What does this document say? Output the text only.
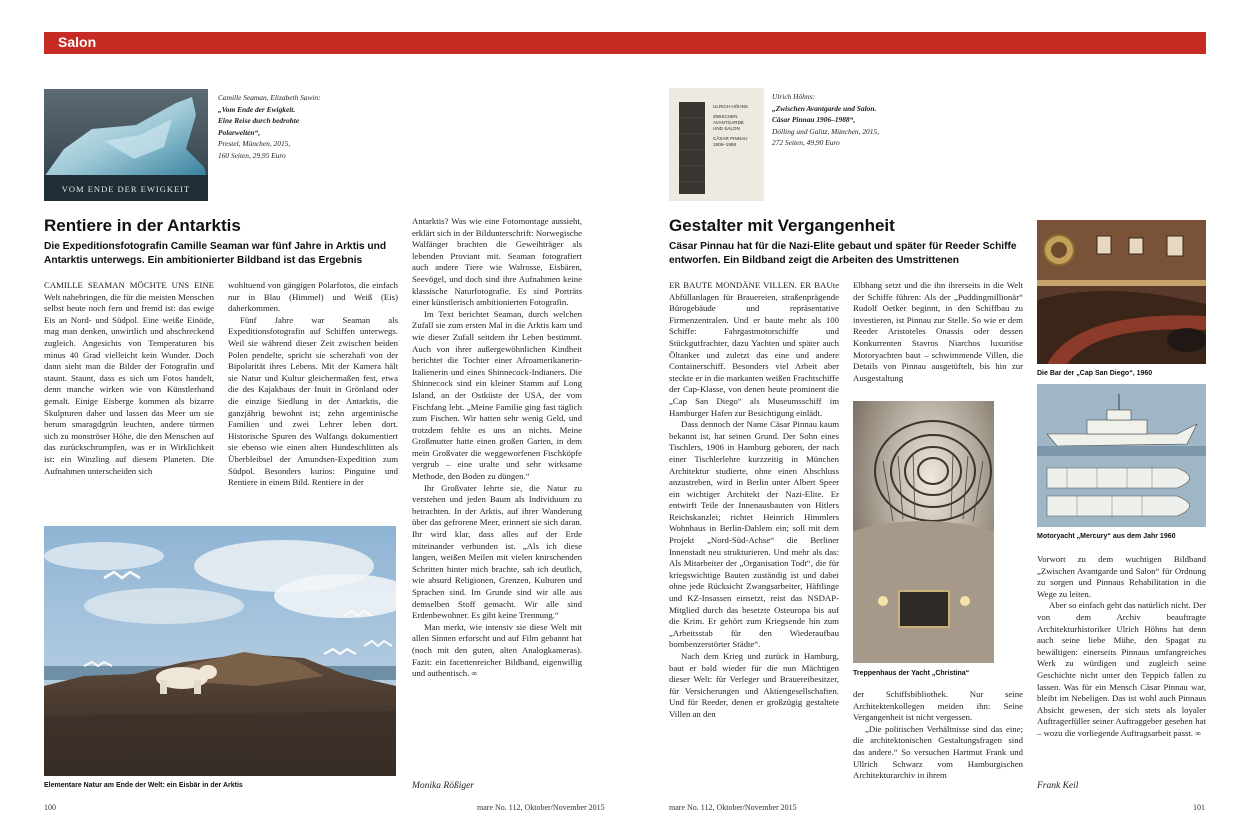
Salon
VOM ENDE DER EWIGKEIT
Camille Seaman, Elizabeth Sawin:
„Vom Ende der Ewigkeit.
Eine Reise durch bedrohte
Polarwelten“,
Prestel, München, 2015,
160 Seiten, 29,95 Euro
Rentiere in der Antarktis
Die Expeditionsfotografin Camille Seaman war fünf Jahre in Arktis und Antarktis unterwegs. Ein ambitionierter Bildband ist das Ergebnis

CAMILLE SEAMAN MÖCHTE UNS EINE Welt nahebringen, die für die meisten Menschen selbst heute noch fern und fremd ist: das ewige Eis an Nord- und Südpol. Eine weiße Einöde, mag man denken, unwirtlich und abschreckend zugleich. Angesichts von Temperaturen bis minus 40 Grad vielleicht kein Wunder. Doch dann sieht man die Bilder der Fotografin und staunt. Staunt, dass es sich um Fotos handelt, denn manche wirken wie von Künstlerhand gemalt. Einige Eisberge kommen als bizarre Skulpturen daher und lassen das Meer um sie herum smaragdgrün leuchten, andere türmen sich zu monströser Höhe, die den Menschen auf das zurückschrumpfen, was er in Wirklichkeit ist: ein Winzling auf diesem Planeten. Die Aufnahmen unterscheiden sich

wohltuend von gängigen Polarfotos, die einfach nur in Blau (Himmel) und Weiß (Eis) daherkommen.

Fünf Jahre war Seaman als Expeditionsfotografin auf Schiffen unterwegs. Weil sie während dieser Zeit zwischen beiden Polen pendelte, spricht sie scherzhaft von der Bipolarität ihres Lebens. Mit der Kamera hält sie Natur und Kultur gleichermaßen fest, etwa die des Kajakbaus der Inuit in Grönland oder die einzige Siedlung in der Antarktis, die ganzjährig bewohnt ist; zehn argentinische Familien und zwei Lehrer leben dort. Historische Spuren des Walfangs dokumentiert sie ebenso wie einen alten Hundeschlitten als Überbleibsel der Amundsen-Expedition zum Südpol. Besonders kurios: Pinguine und Rentiere in einem Bild. Rentiere in der

Antarktis? Was wie eine Fotomontage aussieht, erklärt sich in der Bildunterschrift: Norwegische Walfänger brachten die Geweihträger als lebenden Proviant mit. Seaman fotografiert auch andere Tiere wie Walrosse, Eisbären, Seevögel, und doch sind ihre Aufnahmen keine klassische Naturfotografie. Es sind Porträts einer künstlerisch ambitionierten Fotografin.

Im Text berichtet Seaman, durch welchen Zufall sie zum ersten Mal in die Arktis kam und wie dieser Zufall seitdem ihr Leben bestimmt. Auch von ihrer außergewöhnlichen Kindheit berichtet die Tochter einer Afroamerikanerin-Italienerin und eines Shinnecock-Indianers. Die Shinnecock sind ein kleiner Stamm auf Long Island, an der Ostküste der USA, der vom Fischfang lebt. „Meine Familie ging fast täglich zum Fischen. Wir hatten sehr wenig Geld, und trotzdem fehlte es uns an nichts. Meine Großmutter hatte einen großen Garten, in dem mein Großvater die weggeworfenen Fischköpfe vergrub – eine uralte und sehr wirksame Methode, den Boden zu düngen.“

Ihr Großvater lehrte sie, die Natur zu verstehen und jeden Baum als Individuum zu betrachten. In der Arktis, auf ihrer Wanderung über das gefrorene Meer, erinnert sie sich daran. Ihr wird klar, dass alles auf der Erde miteinander verbunden ist. „Als ich diese langen, weißen Meilen mit vielen knirschenden Schritten hinter mich brachte, sah ich deutlich, wie absurd Religionen, Grenzen, Kulturen und Sprachen sind. Im Grunde sind wir alle aus demselben Stoff gemacht. Wir alle sind Erdenbewohner. Es gibt keine Trennung.“

Man merkt, wie intensiv sie diese Welt mit allen Sinnen erforscht und auf Film gebannt hat (noch mit den guten, alten Analogkameras). Fazit: ein facettenreicher Bildband, eigenwillig und authentisch. ∞

Elementare Natur am Ende der Welt: ein Eisbär in der Arktis	Monika Rößiger
100	mare No. 112, Oktober/November 2015
ULRICH HÖHNS
ZWISCHEN
AVANTGARDE
UND SALON
CÄSAR PINNAU
1906–1988
Ulrich Höhns:
„Zwischen Avantgarde und Salon.
Cäsar Pinnau 1906–1988“,
Dölling und Galitz, München, 2015,
272 Seiten, 49,90 Euro
Gestalter mit Vergangenheit
Cäsar Pinnau hat für die Nazi-Elite gebaut und später für Reeder Schiffe entworfen. Ein Bildband zeigt die Arbeiten des Umstrittenen

ER BAUTE MONDÄNE VILLEN. ER BAUte Abfüllanlagen für Brauereien, straßenprägende Bürogebäude und repräsentative Firmenzentralen. Und er baute mehr als 100 Schiffe: Fahrgastmotorschiffe und Stückgutfrachter, dazu Yachten und später auch Öltanker und zuletzt das eine und andere Containerschiff. Besonders viel Arbeit aber steckte er in die markanten weißen Frachtschiffe der Cap-Klasse, von denen heute prominent die „Cap San Diego“ als Museumsschiff im Hamburger Hafen zur Besichtigung einlädt.

Dass dennoch der Name Cäsar Pinnau kaum bekannt ist, hat seinen Grund. Der Sohn eines Tischlers, 1906 in Hamburg geboren, der nach einer Tischlerlehre kurzzeitig in München Architektur studierte, ohne einen Abschluss anzustreben, wird in Berlin unter Albert Speer ein wichtiger Architekt der Nazi-Elite. Er entwirft Teile der Innenausbauten von Hitlers Reichskanzlei; richtet Heinrich Himmlers Wohnhaus in Berlin-Dahlem ein; soll mit dem Projekt „Nord-Süd-Achse“ die Berliner Innenstadt neu strukturieren. Und mehr als das: Als Mitarbeiter der „Organisation Todt“, die für kriegswichtige Bauten zuständig ist und dabei ohne jede Rücksicht Zwangsarbeiter, Häftlinge und KZ-Insassen einsetzt, reist das NSDAP-Mitglied durch das besetzte Osteuropa bis auf die Krim. Er gehört zum Kriegsende hin zum „Arbeitsstab für den Wiederaufbau bombenzerstörter Städte“.

Nach dem Krieg und zurück in Hamburg, baut er bald wieder für die nun Mächtigen dieser Welt: für Verleger und Brauereibesitzer, für Versicherungen und Aktiengesellschaften. Und für Reeder, denen er großzügig gestaltete Villen an den

Elbhang setzt und die ihn ihrerseits in die Welt der Schiffe führen: Als der „Puddingmillionär“ Rudolf Oetker beginnt, in den Schiffbau zu investieren, ist Pinnau zur Stelle. So wie er dem Reeder Aristoteles Onassis oder dessen Konkurrenten Stavros Niarchos luxuriöse Motoryachten baut – schwimmende Villen, die Details von Pinnau ausgetüftelt, bis hin zur Ausgestaltung

Treppenhaus der Yacht „Christina“

der Schiffsbibliothek. Nur seine Architektenkollegen meiden ihn: Seine Vergangenheit ist nicht vergessen.

„Die politischen Verhältnisse sind das eine; die architektonischen Gestaltungsfragen sind das andere.“ So versuchen Hartmut Frank und Ullrich Schwarz vom Hamburgischen Architekturarchiv in ihrem

Die Bar der „Cap San Diego“, 1960
Motoryacht „Mercury“ aus dem Jahr 1960

Vorwort zu dem wuchtigen Bildband „Zwischen Avantgarde und Salon“ für Ordnung zu sorgen und Pinnaus Rehabilitation in die Wege zu leiten.

Aber so einfach geht das natürlich nicht. Der von dem Archiv beauftragte Architekturhistoriker Ulrich Höhns hat denn auch seine liebe Mühe, den Spagat zu bewältigen: einerseits Pinnaus umfangreiches Werk zu würdigen und zugleich seine Geschichte nicht unter den Teppich fallen zu lassen. Was für ein Mensch Cäsar Pinnau war, bleibt im Nebeligen. Das ist wohl auch Pinnaus Absicht gewesen, der sich stets als loyaler Auftragerfüller seiner Auftraggeber gesehen hat – wozu die vorliegende Auftragsarbeit passt. ∞

Frank Keil
mare No. 112, Oktober/November 2015	101
